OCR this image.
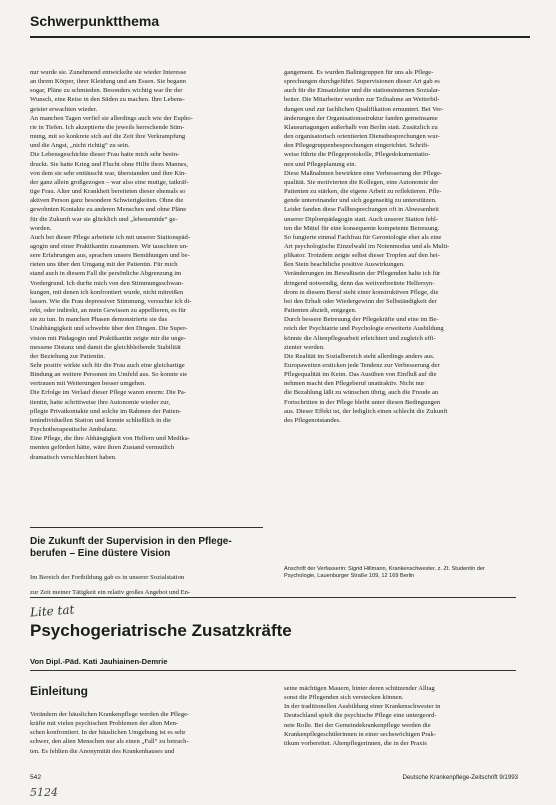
Schwerpunktthema

nur wurde sie. Zunehmend entwickelte sie wieder Interesse

an ihrem Körper, ihrer Kleidung und am Essen. Sie begann

sogar, Pläne zu schmieden. Besonders wichtig war ihr der

Wunsch, eine Reise in den Süden zu machen. Ihre Lebens-

geister erwachten wieder.

An manchen Tagen verfiel sie allerdings auch wie der Eupho-

rie in Tiefen. Ich akzeptierte die jeweils herrschende Stim-

mung, mit so konkrete sich auf die Zeit ihre Verkrampfung

und die Angst, „nicht richtig“ zu sein.

Die Lebensgeschichte dieser Frau hatte mich sehr beein-

druckt. Sie hatte Krieg und Flucht ohne Hilfe ihres Mannes,

von dem sie sehr enttäuscht war, überstanden und ihre Kin-

der ganz allein großgezogen – war also eine mutige, tatkräf-

tige Frau. Alter und Krankheit bereiteten dieser ehemals so

aktiven Person ganz besondere Schwierigkeiten. Ohne die

gewohnten Kontakte zu anderen Menschen und ohne Pläne

für die Zukunft war sie glücklich und „lebensmüde“ ge-

worden.

Auch bei dieser Pflege arbeitete ich mit unserer Stationspäd-

agogin und einer Praktikantin zusammen. Wir tauschten un-

sere Erfahrungen aus, sprachen unsere Bemühungen und be-

rieten uns über den Umgang mit der Patientin. Für mich

stand auch in diesem Fall die persönliche Abgrenzung im

Vordergrund. Ich durfte mich von den Stimmungsschwan-

kungen, mit denen ich konfrontiert wurde, nicht mitreißen

lassen. Wie die Frau depressiver Stimmung, versuchte ich di-

rekt, oder indirekt, an mein Gewissen zu appellieren, es für

sie zu tun. In manchen Phasen demonstrierte sie das

Unabhängigkeit und schwebte über den Dingen. Die Super-

vision mit Pädagogin und Praktikantin zeigte mir die unge-

messene Distanz und damit die gleichbleibende Stabilität

der Beziehung zur Patientin.

Sehr positiv wirkte sich für die Frau auch eine gleichartige

Bindung an weitere Personen im Umfeld aus. So konnte sie

vertrauen mit Weiterungen besser umgehen.

Die Erfolge im Verlauf dieser Pflege waren enorm: Die Pa-

tientin, hatte schrittweise ihre Autonomie wieder zur,

pflegte Privatkontakte und solche im Rahmen der Patien-

tenindividuellen Station und konnte schließlich in die

Psychotherapeutische Ambulanz.

Eine Pflege, die ihre Abhängigkeit von Helfern und Medika-

menten gefördert hätte, wäre ihren Zustand vermutlich

dramatisch verschlechtert haben.

gangement. Es wurden Balintgruppen für uns als Pflege-

sprechungen durchgeführt. Supervisionen dieser Art gab es

auch für die Einsatzleiter und die stationsinternen Sozialar-

beiter. Die Mitarbeiter wurden zur Teilnahme an Weiterbil-

dungen und zur fachlichen Qualifikation ermuntert. Bei Ver-

änderungen der Organisationsstruktur fanden gemeinsame

Klausurtagungen außerhalb von Berlin statt. Zusätzlich zu

den organisatorisch orientierten Dienstbesprechungen wur-

den Pflegegruppenbesprechungen eingerichtet. Schrift-

weise führte die Pflegeprotokolle, Pflegedokumentatio-

nen und Pflegeplanung ein.

Diese Maßnahmen bewirkten eine Verbesserung der Pflege-

qualität. Sie motivierten die Kollegen, eine Autonomie der

Patienten zu stärken, die eigene Arbeit zu reflektieren. Pfle-

gende untereinander und sich gegenseitig zu unterstützen.

Leider fanden diese Fallbesprechungen oft in Abwesenheit

unserer Diplompädagogin statt. Auch unserer Station fehl-

ten die Mittel für eine konsequente kompetente Betreuung.

So fungierte einmal Fachfrau für Gerontologie eher als eine

Art psychologische Einzelwahl im Notenmodus und als Multi-

plikator. Trotzdem zeigte selbst dieser Tropfen auf den hei-

ßen Stein beachtliche positive Auswirkungen.

Veränderungen im Bewußtsein der Pflegenden halte ich für

dringend notwendig, denn das weitverbreitete Helfersyn-

drom in diesem Beruf steht einer konstruktiven Pflege, die

bei den Erhalt oder Wiedergewinn der Selbständigkeit der

Patienten abzielt, entgegen.

Durch bessere Betreuung der Pflegekräfte und eine im Be-

reich der Psychiatrie und Psychologie erweiterte Ausbildung

könnte die Altenpflegearbeit erleichtert und zugleich effi-

zienter werden.

Die Realität im Sozialbereich sieht allerdings anders aus.

Europaweiten ersticken jede Tendenz zur Verbesserung der

Pflegequalität im Keim. Das Ausüben von Einfluß auf die

nehmen macht den Pflegeberuf unattraktiv. Nicht nur

die Bezahlung läßt zu wünschen übrig, auch die Freude an

Fortschritten in der Pflege bleibt unter diesen Bedingungen

aus. Dieser Effekt ist, der lediglich einen schlecht die Zukunft

des Pflegenotstandes.

Die Zukunft der Supervision in den Pflege-
berufen – Eine düstere Vision

Im Bereich der Fortbildung gab es in unserer Sozialstation

zur Zeit meiner Tätigkeit ein relativ großes Angebot und En-

Anschrift der Verfasserin: Sigrid Hillmann, Krankenschwester, z. Zt. Studentin der Psychologie, Lauenburger Straße 109, 12 169 Berlin
Lite tat
Psychogeriatrische Zusatzkräfte
Von Dipl.-Päd. Kati Jauhiainen-Demrie
Einleitung

Verändern der häuslichen Krankenpflege werden die Pflege-

kräfte mit vielen psychischen Problemen der alten Men-

schen konfrontiert. In der häuslichen Umgebung ist es sehr

schwer, den alten Menschen nur als einen „Fall“ zu betrach-

ten. Es fehlten die Anonymität des Krankenhauses und

seine mächtigen Mauern, hinter deren schützender Alltag

sonst die Pflegenden sich verstecken können.

In der traditionellen Ausbildung einer Krankenschwester in

Deutschland spielt die psychische Pflege eine untergeord-

nete Rolle. Bei der Gemeindekrankenpflege werden die

Krankenpflegeschülerinnen in einer sechswöchigen Prak-

tikum vorbereitet. Altenpflegerinnen, die in der Praxis

542	Deutsche Krankenpflege-Zeitschrift 9/1993
5124
